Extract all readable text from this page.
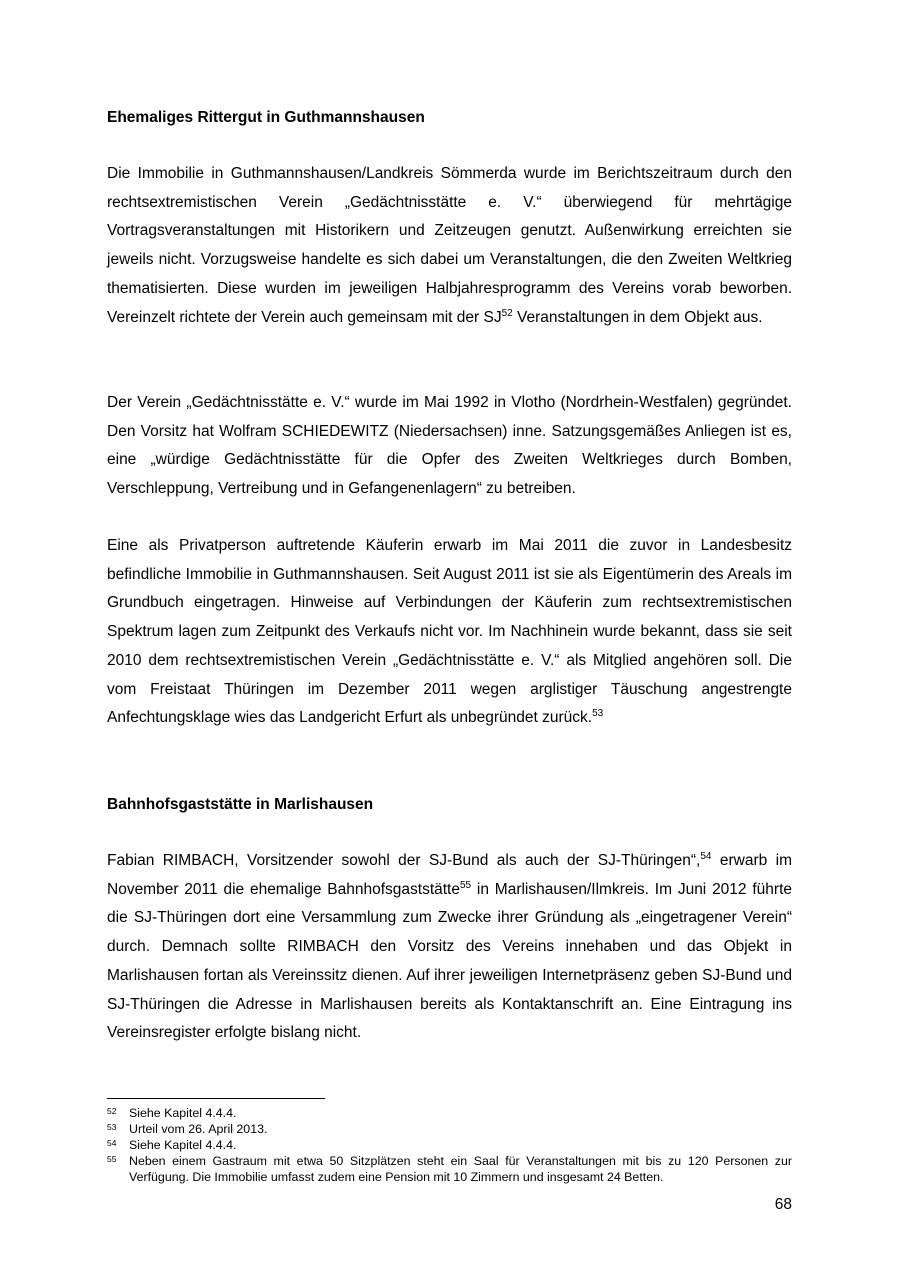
Ehemaliges Rittergut in Guthmannshausen

Die Immobilie in Guthmannshausen/Landkreis Sömmerda wurde im Berichtszeitraum durch den rechtsextremistischen Verein „Gedächtnisstätte e. V.“ überwiegend für mehrtägige Vortragsveranstaltungen mit Historikern und Zeitzeugen genutzt. Außenwirkung erreichten sie jeweils nicht. Vorzugsweise handelte es sich dabei um Veranstaltungen, die den Zweiten Weltkrieg thematisierten. Diese wurden im jeweiligen Halbjahresprogramm des Vereins vorab beworben. Vereinzelt richtete der Verein auch gemeinsam mit der SJ$^{52}$ Veranstaltungen in dem Objekt aus.

Der Verein „Gedächtnisstätte e. V.“ wurde im Mai 1992 in Vlotho (Nordrhein-Westfalen) gegründet. Den Vorsitz hat Wolfram SCHIEDEWITZ (Niedersachsen) inne. Satzungsgemäßes Anliegen ist es, eine „würdige Gedächtnisstätte für die Opfer des Zweiten Weltkrieges durch Bomben, Verschleppung, Vertreibung und in Gefangenenlagern“ zu betreiben.

Eine als Privatperson auftretende Käuferin erwarb im Mai 2011 die zuvor in Landesbesitz befindliche Immobilie in Guthmannshausen. Seit August 2011 ist sie als Eigentümerin des Areals im Grundbuch eingetragen. Hinweise auf Verbindungen der Käuferin zum rechtsextremistischen Spektrum lagen zum Zeitpunkt des Verkaufs nicht vor. Im Nachhinein wurde bekannt, dass sie seit 2010 dem rechtsextremistischen Verein „Gedächtnisstätte e. V.“ als Mitglied angehören soll. Die vom Freistaat Thüringen im Dezember 2011 wegen arglistiger Täuschung angestrengte Anfechtungsklage wies das Landgericht Erfurt als unbegründet zurück.$^{53}$

Bahnhofsgaststätte in Marlishausen

Fabian RIMBACH, Vorsitzender sowohl der SJ-Bund als auch der SJ-Thüringen“,$^{54}$ erwarb im November 2011 die ehemalige Bahnhofsgaststätte$^{55}$ in Marlishausen/Ilmkreis. Im Juni 2012 führte die SJ-Thüringen dort eine Versammlung zum Zwecke ihrer Gründung als „eingetragener Verein“ durch. Demnach sollte RIMBACH den Vorsitz des Vereins innehaben und das Objekt in Marlishausen fortan als Vereinssitz dienen. Auf ihrer jeweiligen Internetpräsenz geben SJ-Bund und SJ-Thüringen die Adresse in Marlishausen bereits als Kontaktanschrift an. Eine Eintragung ins Vereinsregister erfolgte bislang nicht.

52	Siehe Kapitel 4.4.4.
53	Urteil vom 26. April 2013.
54	Siehe Kapitel 4.4.4.
55	Neben einem Gastraum mit etwa 50 Sitzplätzen steht ein Saal für Veranstaltungen mit bis zu 120 Personen zur Verfügung. Die Immobilie umfasst zudem eine Pension mit 10 Zimmern und insgesamt 24 Betten.
68
